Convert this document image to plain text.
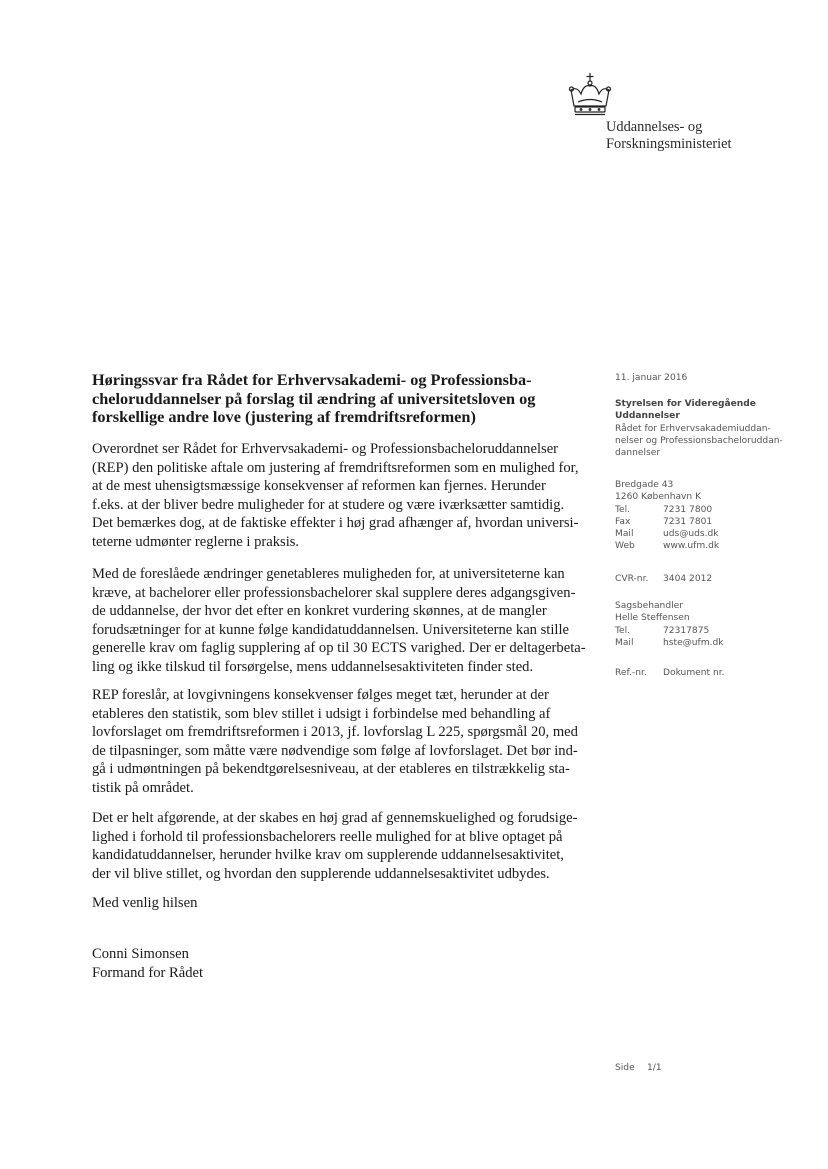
Uddannelses- og
Forskningsministeriet
Høringssvar fra Rådet for Erhvervsakademi- og Professionsba-
cheloruddannelser på forslag til ændring af universitetsloven og
forskellige andre love (justering af fremdriftsreformen)
Overordnet ser Rådet for Erhvervsakademi- og Professionsbacheloruddannelser
(REP) den politiske aftale om justering af fremdriftsreformen som en mulighed for,
at de mest uhensigtsmæssige konsekvenser af reformen kan fjernes. Herunder
f.eks. at der bliver bedre muligheder for at studere og være iværksætter samtidig.
Det bemærkes dog, at de faktiske effekter i høj grad afhænger af, hvordan universi-
teterne udmønter reglerne i praksis.
Med de foreslåede ændringer genetableres muligheden for, at universiteterne kan
kræve, at bachelorer eller professionsbachelorer skal supplere deres adgangsgiven-
de uddannelse, der hvor det efter en konkret vurdering skønnes, at de mangler
forudsætninger for at kunne følge kandidatuddannelsen. Universiteterne kan stille
generelle krav om faglig supplering af op til 30 ECTS varighed. Der er deltagerbeta-
ling og ikke tilskud til forsørgelse, mens uddannelsesaktiviteten finder sted.
REP foreslår, at lovgivningens konsekvenser følges meget tæt, herunder at der
etableres den statistik, som blev stillet i udsigt i forbindelse med behandling af
lovforslaget om fremdriftsreformen i 2013, jf. lovforslag L 225, spørgsmål 20, med
de tilpasninger, som måtte være nødvendige som følge af lovforslaget. Det bør ind-
gå i udmøntningen på bekendtgørelsesniveau, at der etableres en tilstrækkelig sta-
tistik på området.
Det er helt afgørende, at der skabes en høj grad af gennemskuelighed og forudsige-
lighed i forhold til professionsbachelorers reelle mulighed for at blive optaget på
kandidatuddannelser, herunder hvilke krav om supplerende uddannelsesaktivitet,
der vil blive stillet, og hvordan den supplerende uddannelsesaktivitet udbydes.
Med venlig hilsen
Conni Simonsen
Formand for Rådet
11. januar 2016
Styrelsen for Videregående
Uddannelser
Rådet for Erhvervsakademiuddan-
nelser og Professionsbacheloruddan-
dannelser
Bredgade 43
1260 København K
Tel.	7231 7800
Fax	7231 7801
Mail	uds@uds.dk
Web	www.ufm.dk
CVR-nr.	3404 2012
Sagsbehandler
Helle Steffensen
Tel.	72317875
Mail	hste@ufm.dk
Ref.-nr.	Dokument nr.
Side	1/1
